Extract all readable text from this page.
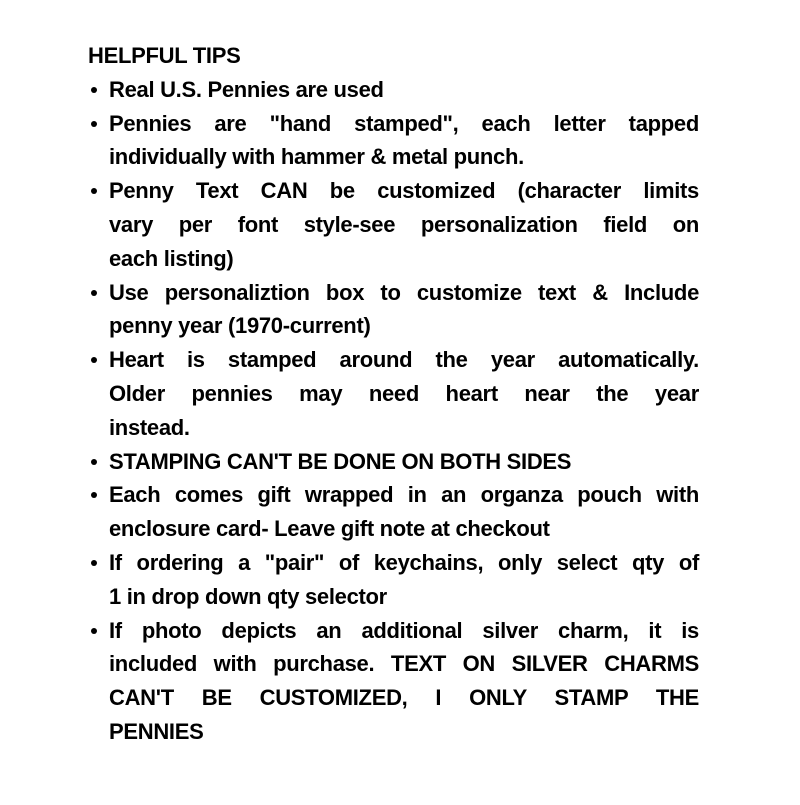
HELPFUL TIPS
Real U.S. Pennies are used
Pennies are "hand stamped", each letter tapped
individually with hammer & metal punch.
Penny Text CAN be customized (character limits
vary per font style-see personalization field on
each listing)
Use personaliztion box to customize text & Include
penny year (1970-current)
Heart is stamped around the year automatically.
Older pennies may need heart near the year
instead.
STAMPING CAN'T BE DONE ON BOTH SIDES
Each comes gift wrapped in an organza pouch with
enclosure card- Leave gift note at checkout
If ordering a "pair" of keychains, only select qty of
1 in drop down qty selector
If photo depicts an additional silver charm, it is
included with purchase. TEXT ON SILVER CHARMS
CAN'T BE CUSTOMIZED, I ONLY STAMP THE
PENNIES
